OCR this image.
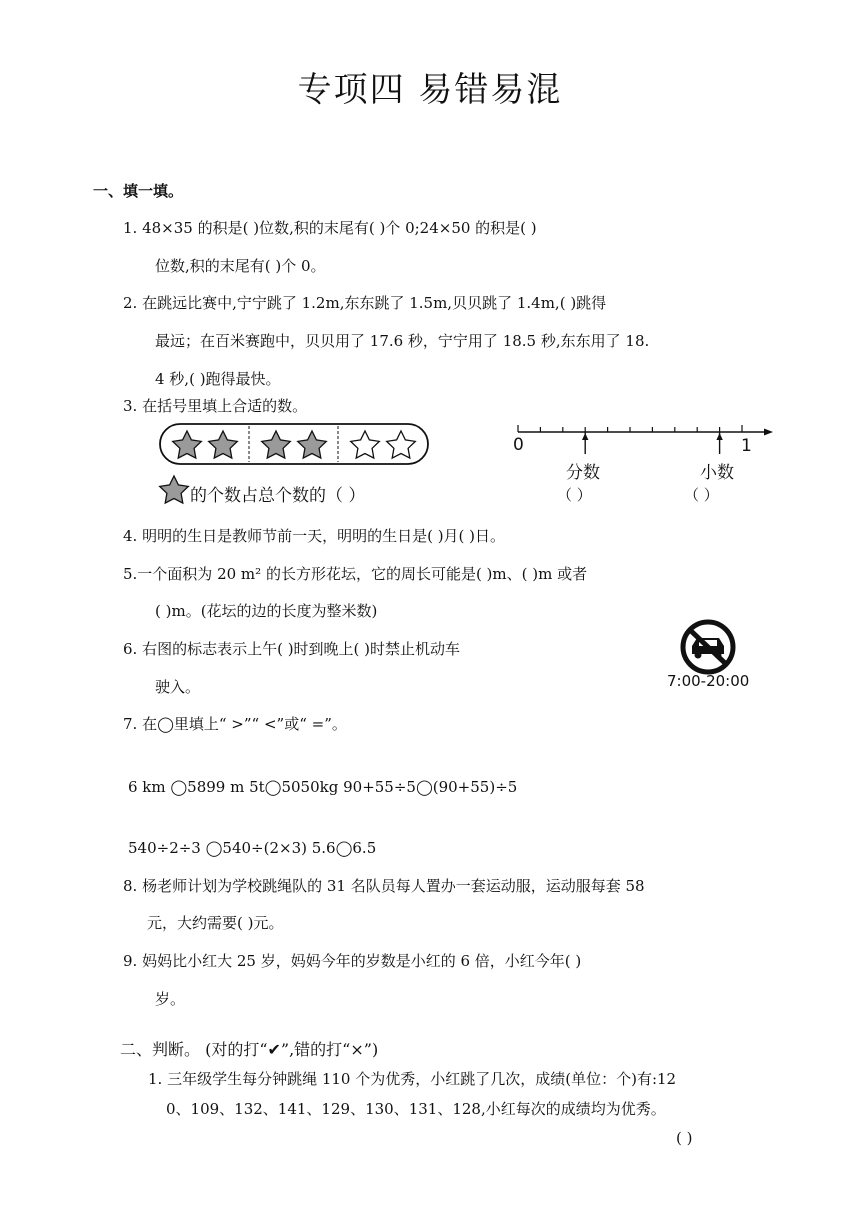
专项四 易错易混
一、填一填。
1. 48×35 的积是( )位数,积的末尾有( )个 0;24×50 的积是( )
位数,积的末尾有( )个 0。
2. 在跳远比赛中,宁宁跳了 1.2m,东东跳了 1.5m,贝贝跳了 1.4m,( )跳得
最远；在百米赛跑中，贝贝用了 17.6 秒，宁宁用了 18.5 秒,东东用了 18.
4 秒,( )跑得最快。
3. 在括号里填上合适的数。
的个数占总个数的（ ）
0	1
分数	小数
（ ）	（ ）
4. 明明的生日是教师节前一天，明明的生日是( )月( )日。
5.一个面积为 20 m² 的长方形花坛，它的周长可能是( )m、( )m 或者
( )m。(花坛的边的长度为整米数)
6. 右图的标志表示上午( )时到晚上( )时禁止机动车
驶入。	7:00-20:00
7. 在◯里填上“ >”“ <”或“ =”。
6 km ◯5899 m 5t◯5050kg 90+55÷5◯(90+55)÷5
540÷2÷3 ◯540÷(2×3) 5.6◯6.5
8. 杨老师计划为学校跳绳队的 31 名队员每人置办一套运动服，运动服每套 58
元，大约需要( )元。
9. 妈妈比小红大 25 岁，妈妈今年的岁数是小红的 6 倍，小红今年( )
岁。
二、判断。 (对的打“✔”,错的打“×”)
1. 三年级学生每分钟跳绳 110 个为优秀，小红跳了几次，成绩(单位：个)有:12
0、109、132、141、129、130、131、128,小红每次的成绩均为优秀。
( )
